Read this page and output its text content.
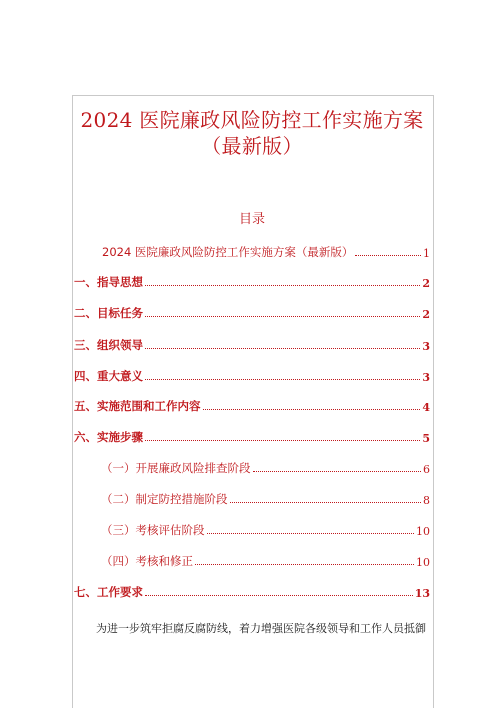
2024 医院廉政风险防控工作实施方案
（最新版）
目录
2024 医院廉政风险防控工作实施方案（最新版）	1
一、指导思想	2
二、目标任务	2
三、组织领导	3
四、重大意义	3
五、实施范围和工作内容	4
六、实施步骤	5
（一）开展廉政风险排查阶段	6
（二）制定防控措施阶段	8
（三）考核评估阶段	10
（四）考核和修正	10
七、工作要求	13
为进一步筑牢拒腐反腐防线，着力增强医院各级领导和工作人员抵御
